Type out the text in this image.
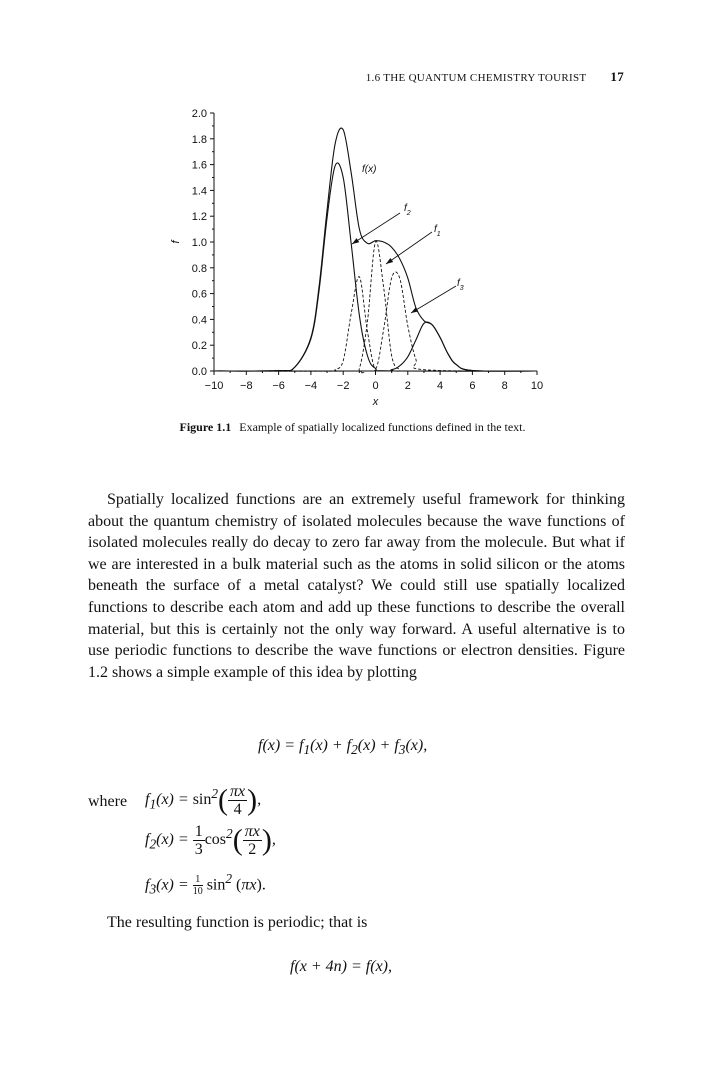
1.6 THE QUANTUM CHEMISTRY TOURIST 17
−10 −8 −6 −4 −2 0 2 4 6 8 10
0.0
0.2
0.4
0.6
0.8
1.0
1.2
1.4
1.6
1.8
2.0
x
f
f(x)
$f_2$
$f_1$
$f_3$
Figure 1.1 Example of spatially localized functions defined in the text.

Spatially localized functions are an extremely useful framework for thinking about the quantum chemistry of isolated molecules because the wave functions of isolated molecules really do decay to zero far away from the molecule. But what if we are interested in a bulk material such as the atoms in solid silicon or the atoms beneath the surface of a metal catalyst? We could still use spatially localized functions to describe each atom and add up these functions to describe the overall material, but this is certainly not the only way forward. A useful alternative is to use periodic functions to describe the wave functions or electron densities. Figure 1.2 shows a simple example of this idea by plotting

$f(x) = f_1(x) + f_2(x) + f_3(x)$,
where $f_1(x) = \sin^2( \frac{\pi x}{4}$ ),
$f_2(x) = \frac{1}{3} \cos^2( \frac{\pi x}{2}$ ),
$f_3(x) = \frac{1}{10} \sin^2 (\pi x)$.

The resulting function is periodic; that is

f(x + 4n) = f(x),
